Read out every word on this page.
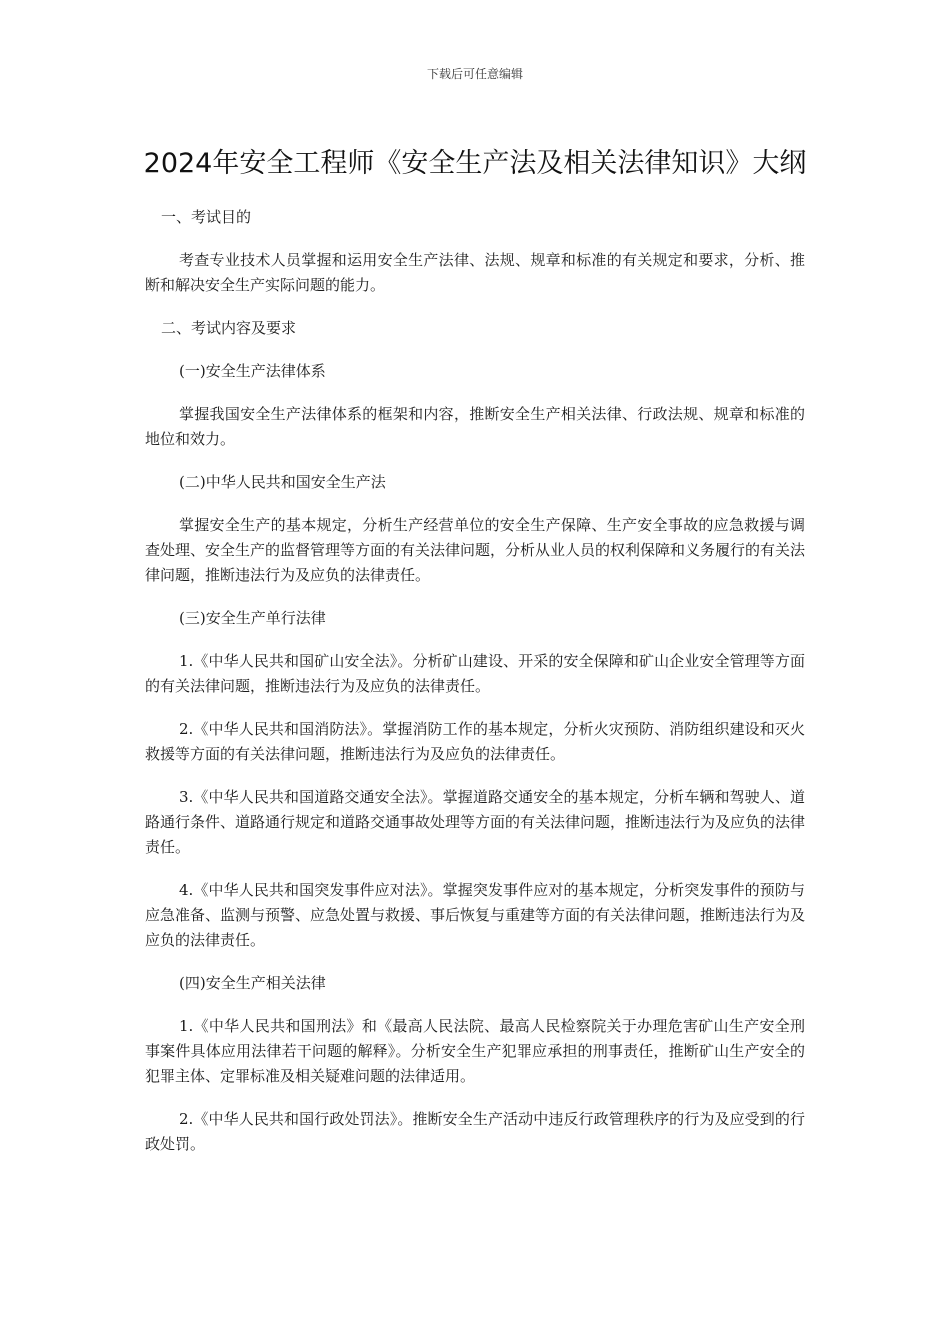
下载后可任意编辑
2024年安全工程师《安全生产法及相关法律知识》大纲

一、考试目的

考查专业技术人员掌握和运用安全生产法律、法规、规章和标准的有关规定和要求，分析、推断和解决安全生产实际问题的能力。

二、考试内容及要求

(一)安全生产法律体系

掌握我国安全生产法律体系的框架和内容，推断安全生产相关法律、行政法规、规章和标准的地位和效力。

(二)中华人民共和国安全生产法

掌握安全生产的基本规定，分析生产经营单位的安全生产保障、生产安全事故的应急救援与调查处理、安全生产的监督管理等方面的有关法律问题，分析从业人员的权利保障和义务履行的有关法律问题，推断违法行为及应负的法律责任。

(三)安全生产单行法律

1.《中华人民共和国矿山安全法》。分析矿山建设、开采的安全保障和矿山企业安全管理等方面的有关法律问题，推断违法行为及应负的法律责任。

2.《中华人民共和国消防法》。掌握消防工作的基本规定，分析火灾预防、消防组织建设和灭火救援等方面的有关法律问题，推断违法行为及应负的法律责任。

3.《中华人民共和国道路交通安全法》。掌握道路交通安全的基本规定，分析车辆和驾驶人、道路通行条件、道路通行规定和道路交通事故处理等方面的有关法律问题，推断违法行为及应负的法律责任。

4.《中华人民共和国突发事件应对法》。掌握突发事件应对的基本规定，分析突发事件的预防与应急准备、监测与预警、应急处置与救援、事后恢复与重建等方面的有关法律问题，推断违法行为及应负的法律责任。

(四)安全生产相关法律

1.《中华人民共和国刑法》和《最高人民法院、最高人民检察院关于办理危害矿山生产安全刑事案件具体应用法律若干问题的解释》。分析安全生产犯罪应承担的刑事责任，推断矿山生产安全的犯罪主体、定罪标准及相关疑难问题的法律适用。

2.《中华人民共和国行政处罚法》。推断安全生产活动中违反行政管理秩序的行为及应受到的行政处罚。
